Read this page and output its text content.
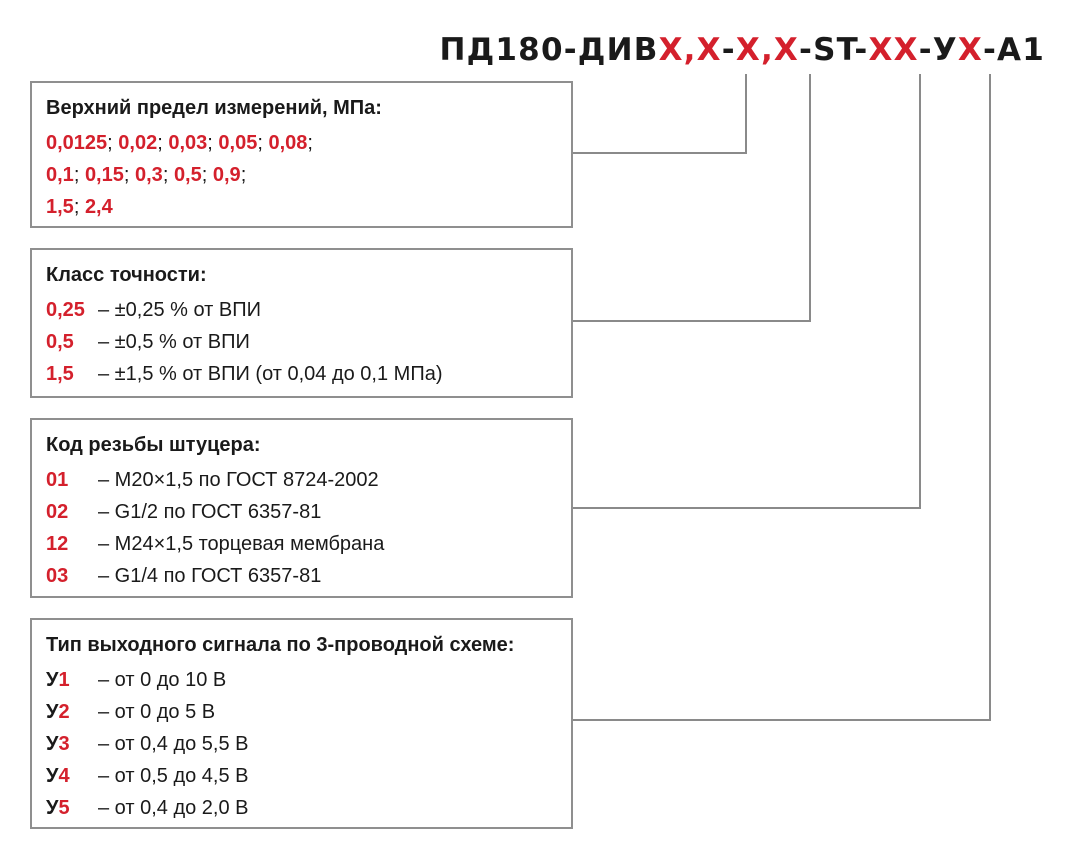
ПД180-ДИВХ,Х-Х,Х-ST-ХХ-УХ-А1
Верхний предел измерений, МПа:
0,0125; 0,02; 0,03; 0,05; 0,08;
0,1; 0,15; 0,3; 0,5; 0,9;
1,5; 2,4
Класс точности:
0,25 – ±0,25 % от ВПИ
0,5 – ±0,5 % от ВПИ
1,5 – ±1,5 % от ВПИ (от 0,04 до 0,1 МПа)
Код резьбы штуцера:
01 – М20×1,5 по ГОСТ 8724-2002
02 – G1/2 по ГОСТ 6357-81
12 – М24×1,5 торцевая мембрана
03 – G1/4 по ГОСТ 6357-81
Тип выходного сигнала по 3-проводной схеме:
У1 – от 0 до 10 В
У2 – от 0 до 5 В
У3 – от 0,4 до 5,5 В
У4 – от 0,5 до 4,5 В
У5 – от 0,4 до 2,0 В
